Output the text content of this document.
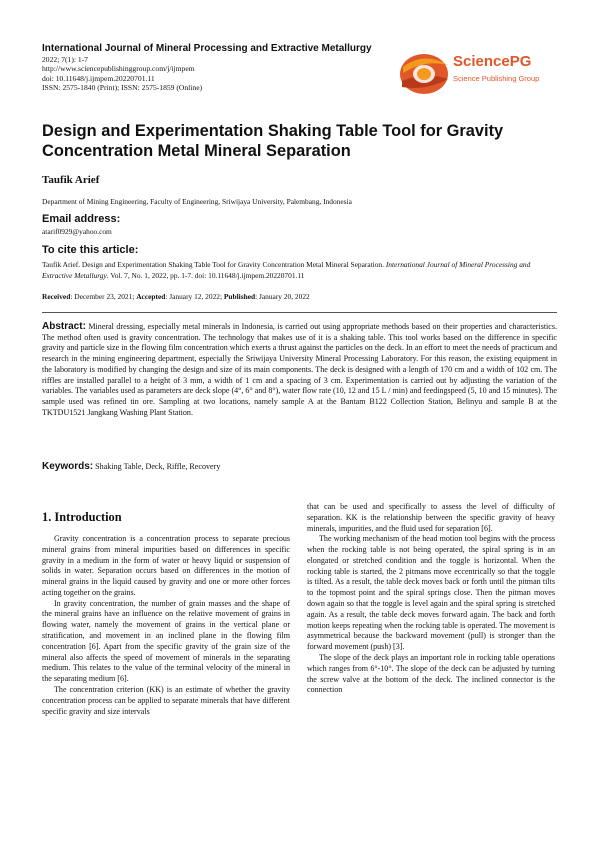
International Journal of Mineral Processing and Extractive Metallurgy
2022; 7(1): 1-7
http://www.sciencepublishinggroup.com/j/ijmpem
doi: 10.11648/j.ijmpem.20220701.11
ISSN: 2575-1840 (Print); ISSN: 2575-1859 (Online)
SciencePG
Science Publishing Group
Design and Experimentation Shaking Table Tool for Gravity Concentration Metal Mineral Separation
Taufik Arief
Department of Mining Engineering, Faculty of Engineering, Sriwijaya University, Palembang, Indonesia
Email address:
atarif0929@yahoo.com
To cite this article:
Taufik Arief. Design and Experimentation Shaking Table Tool for Gravity Concentration Metal Mineral Separation. International Journal of Mineral Processing and Extractive Metallurgy. Vol. 7, No. 1, 2022, pp. 1-7. doi: 10.11648/j.ijmpem.20220701.11
Received: December 23, 2021; Accepted: January 12, 2022; Published: January 20, 2022
Abstract: Mineral dressing, especially metal minerals in Indonesia, is carried out using appropriate methods based on their properties and characteristics. The method often used is gravity concentration. The technology that makes use of it is a shaking table. This tool works based on the difference in specific gravity and particle size in the flowing film concentration which exerts a thrust against the particles on the deck. In an effort to meet the needs of practicum and research in the mining engineering department, especially the Sriwijaya University Mineral Processing Laboratory. For this reason, the existing equipment in the laboratory is modified by changing the design and size of its main components. The deck is designed with a length of 170 cm and a width of 102 cm. The riffles are installed parallel to a height of 3 mm, a width of 1 cm and a spacing of 3 cm. Experimentation is carried out by adjusting the variation of the variables. The variables used as parameters are deck slope (4°, 6° and 8°), water flow rate (10, 12 and 15 L / min) and feedingspeed (5, 10 and 15 minutes). The sample used was refined tin ore. Sampling at two locations, namely sample A at the Bantam B122 Collection Station, Belinyu and sample B at the TKTDU1521 Jangkang Washing Plant Station.
Keywords: Shaking Table, Deck, Riffle, Recovery
1. Introduction

Gravity concentration is a concentration process to separate precious mineral grains from mineral impurities based on differences in specific gravity in a medium in the form of water or heavy liquid or suspension of solids in water. Separation occurs based on differences in the motion of mineral grains in the liquid caused by gravity and one or more other forces acting together on the grains.

In gravity concentration, the number of grain masses and the shape of the mineral grains have an influence on the relative movement of grains in flowing water, namely the movement of grains in the vertical plane or stratification, and movement in an inclined plane in the flowing film concentration [6]. Apart from the specific gravity of the grain size of the mineral also affects the speed of movement of minerals in the separating medium. This relates to the value of the terminal velocity of the mineral in the separating medium [6].

The concentration criterion (KK) is an estimate of whether the gravity concentration process can be applied to separate minerals that have different specific gravity and size intervals

that can be used and specifically to assess the level of difficulty of separation. KK is the relationship between the specific gravity of heavy minerals, impurities, and the fluid used for separation [6].

The working mechanism of the head motion tool begins with the process when the rocking table is not being operated, the spiral spring is in an elongated or stretched condition and the toggle is horizontal. When the rocking table is started, the 2 pitmans move eccentrically so that the toggle is tilted. As a result, the table deck moves back or forth until the pitman tilts to the topmost point and the spiral springs close. Then the pitman moves down again so that the toggle is level again and the spiral spring is stretched again. As a result, the table deck moves forward again. The back and forth motion keeps repeating when the rocking table is operated. The movement is asymmetrical because the backward movement (pull) is stronger than the forward movement (push) [3].

The slope of the deck plays an important role in rocking table operations which ranges from 6°-10°. The slope of the deck can be adjusted by turning the screw valve at the bottom of the deck. The inclined connector is the connection
